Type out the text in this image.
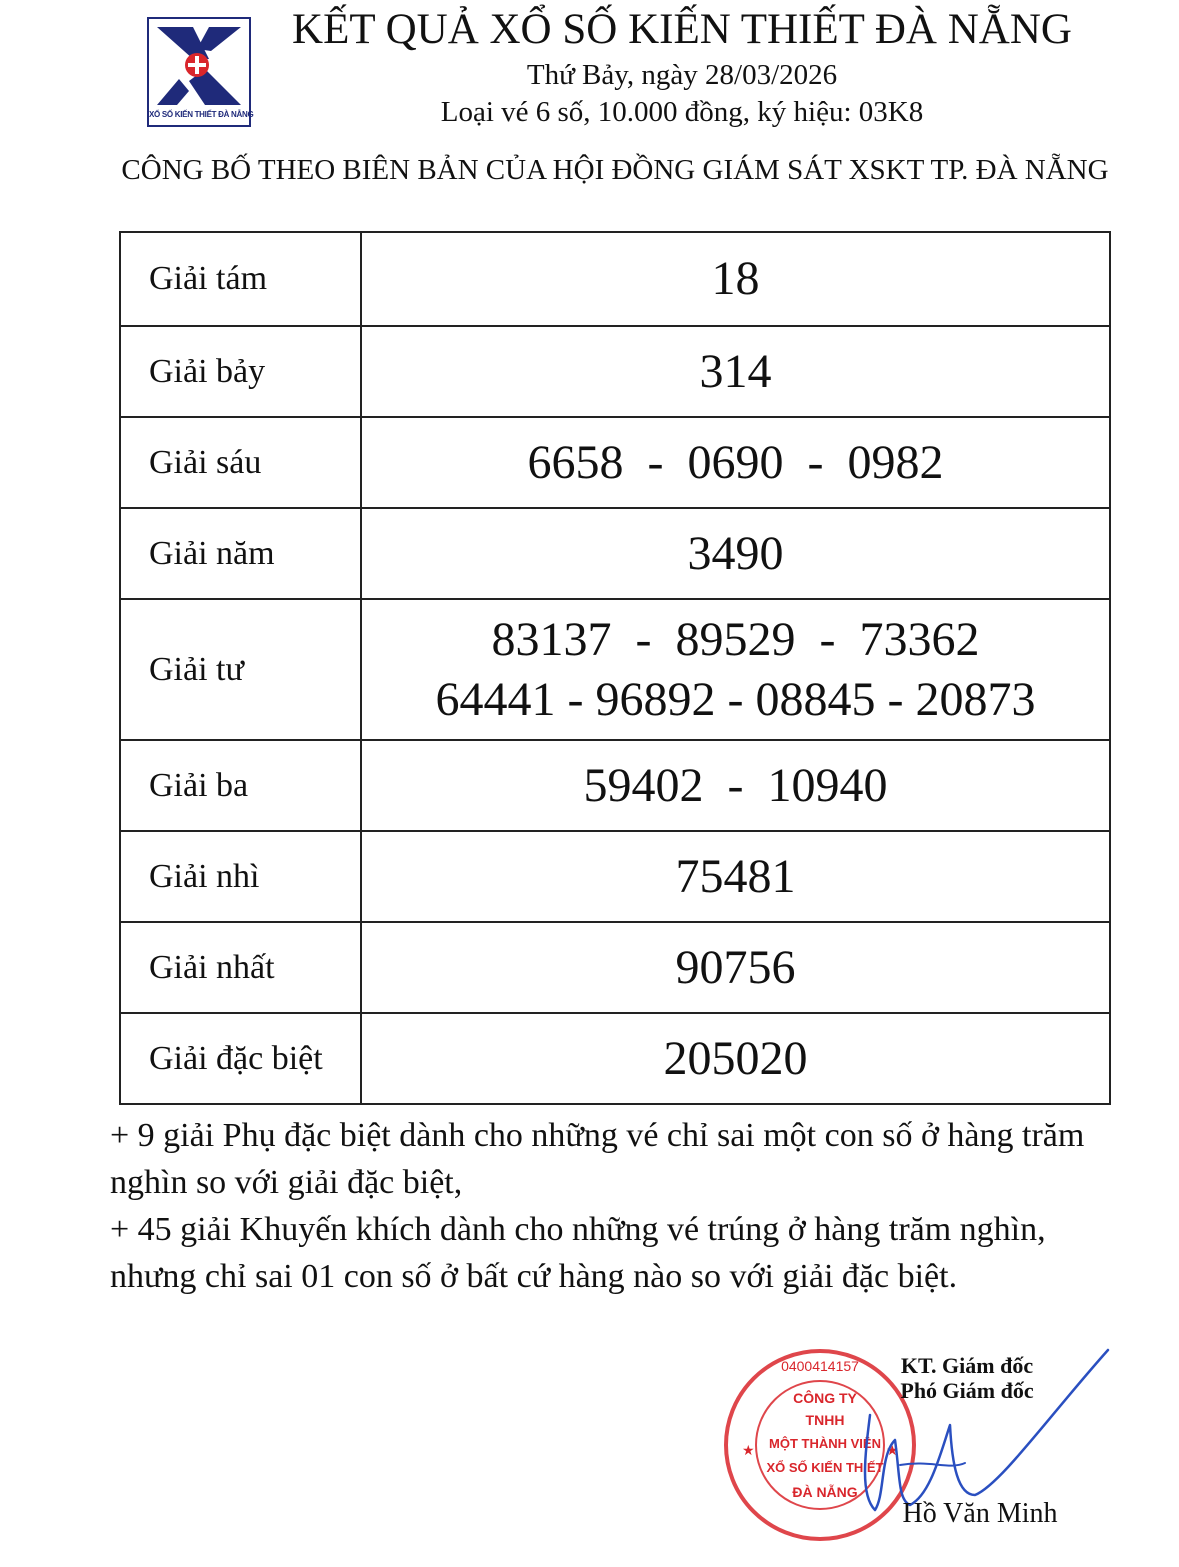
XỔ SỐ KIẾN THIẾT ĐÀ NẴNG
KẾT QUẢ XỔ SỐ KIẾN THIẾT ĐÀ NẴNG
Thứ Bảy, ngày 28/03/2026
Loại vé 6 số, 10.000 đồng, ký hiệu: 03K8
CÔNG BỐ THEO BIÊN BẢN CỦA HỘI ĐỒNG GIÁM SÁT XSKT TP. ĐÀ NẴNG
Giải tám	18
Giải bảy	314
Giải sáu	6658  -  0690  -  0982
Giải năm	3490
Giải tư	83137  -  89529  -  73362
64441 - 96892 - 08845 - 20873
Giải ba	59402  -  10940
Giải nhì	75481
Giải nhất	90756
Giải đặc biệt	205020

+ 9 giải Phụ đặc biệt dành cho những vé chỉ sai một con số ở hàng trăm nghìn so với giải đặc biệt,

+ 45 giải Khuyến khích dành cho những vé trúng ở hàng trăm nghìn, nhưng chỉ sai 01 con số ở bất cứ hàng nào so với giải đặc biệt.

★	★
0400414157
CÔNG TY
TNHH
MỘT THÀNH VIÊN
XỔ SỐ KIẾN THIẾT
ĐÀ NẴNG
KT. Giám đốc
Phó Giám đốc
Hồ Văn Minh
